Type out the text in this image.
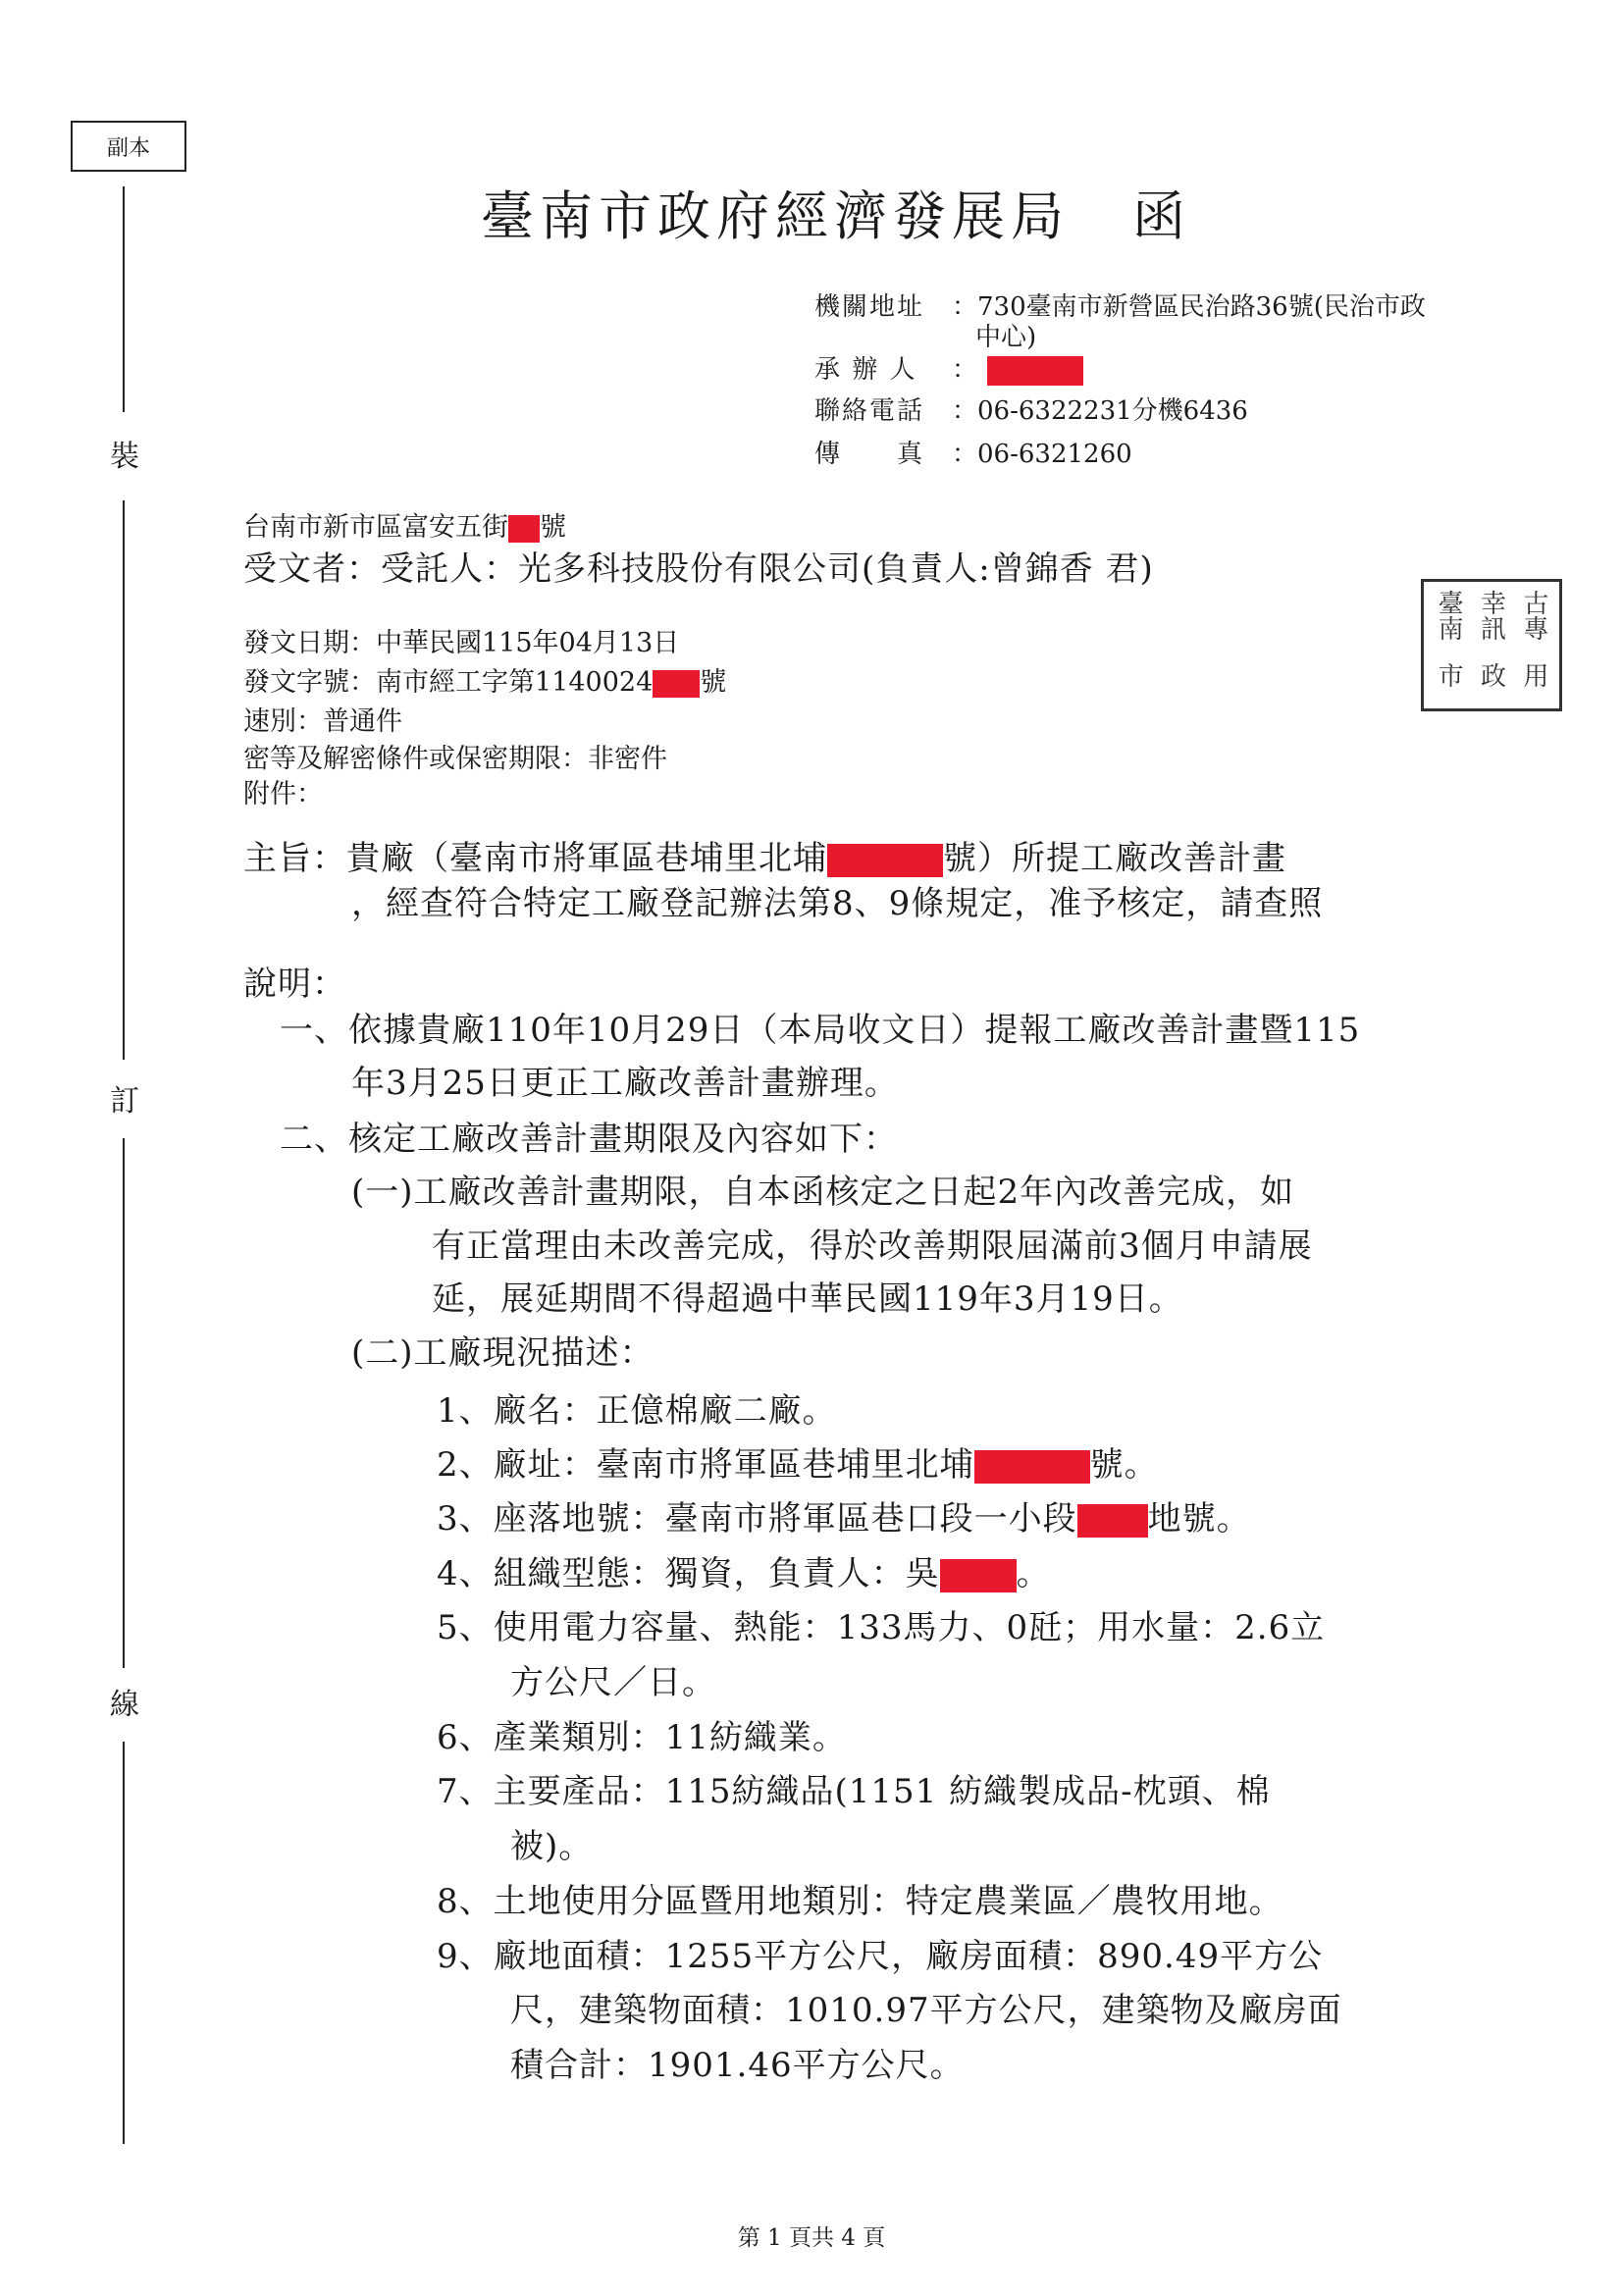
副本
臺南市政府經濟發展局 函
裝
訂
線
機關地址 ：730臺南市新營區民治路36號(民治市政
中心)
承 辦 人 ：
聯絡電話 ：06-6322231分機6436
傳　　真 ：06-6321260
台南市新市區富安五街 號
受文者：受託人：光多科技股份有限公司(負責人:曾錦香 君)
發文日期：中華民國115年04月13日
發文字號：南市經工字第1140024 號
速別：普通件
密等及解密條件或保密期限：非密件
附件：
臺南 幸訊 古專
市 政 用
主旨：貴廠（臺南市將軍區巷埔里北埔	號）所提工廠改善計畫
，經查符合特定工廠登記辦法第8、9條規定，准予核定，請查照
說明：
一、依據貴廠110年10月29日（本局收文日）提報工廠改善計畫暨115
年3月25日更正工廠改善計畫辦理。
二、核定工廠改善計畫期限及內容如下：
(一)工廠改善計畫期限，自本函核定之日起2年內改善完成，如
有正當理由未改善完成，得於改善期限屆滿前3個月申請展
延，展延期間不得超過中華民國119年3月19日。
(二)工廠現況描述：
1、廠名：正億棉廠二廠。
2、廠址：臺南市將軍區巷埔里北埔	號。
3、座落地號：臺南市將軍區巷口段一小段 地號。
4、組織型態：獨資，負責人：吳 。
5、使用電力容量、熱能：133馬力、0瓩；用水量：2.6立
方公尺／日。
6、產業類別：11紡織業。
7、主要產品：115紡織品(1151 紡織製成品-枕頭、棉
被)。
8、土地使用分區暨用地類別：特定農業區／農牧用地。
9、廠地面積：1255平方公尺，廠房面積：890.49平方公
尺，建築物面積：1010.97平方公尺，建築物及廠房面
積合計：1901.46平方公尺。
第 1 頁共 4 頁
